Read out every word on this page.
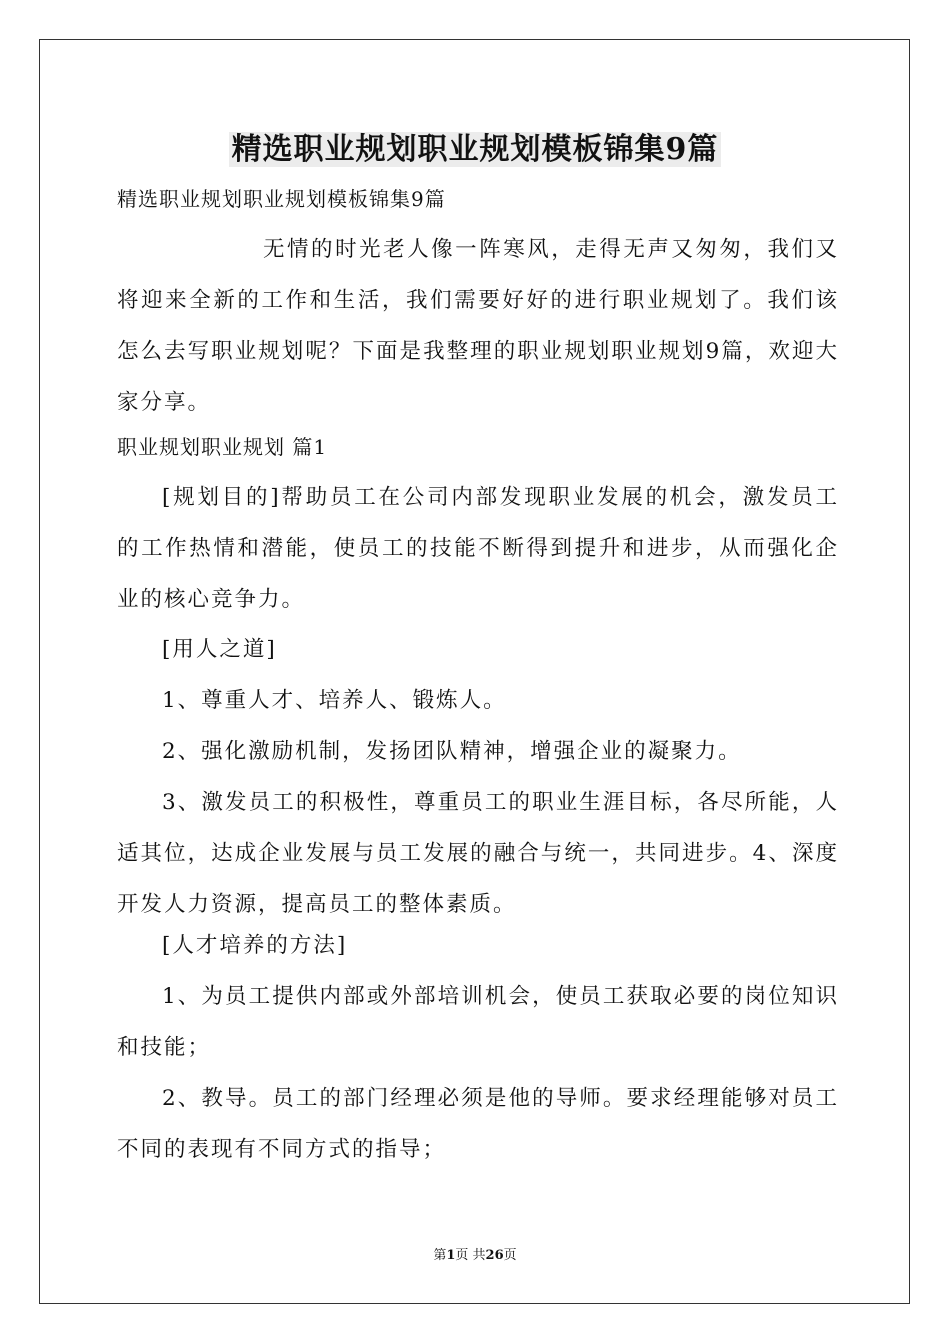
精选职业规划职业规划模板锦集9篇
精选职业规划职业规划模板锦集9篇
无情的时光老人像一阵寒风，走得无声又匆匆，我们又将迎来全新的工作和生活，我们需要好好的进行职业规划了。我们该怎么去写职业规划呢？下面是我整理的职业规划职业规划9篇，欢迎大家分享。
职业规划职业规划 篇1
[规划目的]帮助员工在公司内部发现职业发展的机会，激发员工的工作热情和潜能，使员工的技能不断得到提升和进步，从而强化企业的核心竞争力。
[用人之道]
1、尊重人才、培养人、锻炼人。
2、强化激励机制，发扬团队精神，增强企业的凝聚力。
3、激发员工的积极性，尊重员工的职业生涯目标，各尽所能，人适其位，达成企业发展与员工发展的融合与统一，共同进步。4、深度开发人力资源，提高员工的整体素质。
[人才培养的方法]
1、为员工提供内部或外部培训机会，使员工获取必要的岗位知识和技能；
2、教导。员工的部门经理必须是他的导师。要求经理能够对员工不同的表现有不同方式的指导；
第1页 共26页
